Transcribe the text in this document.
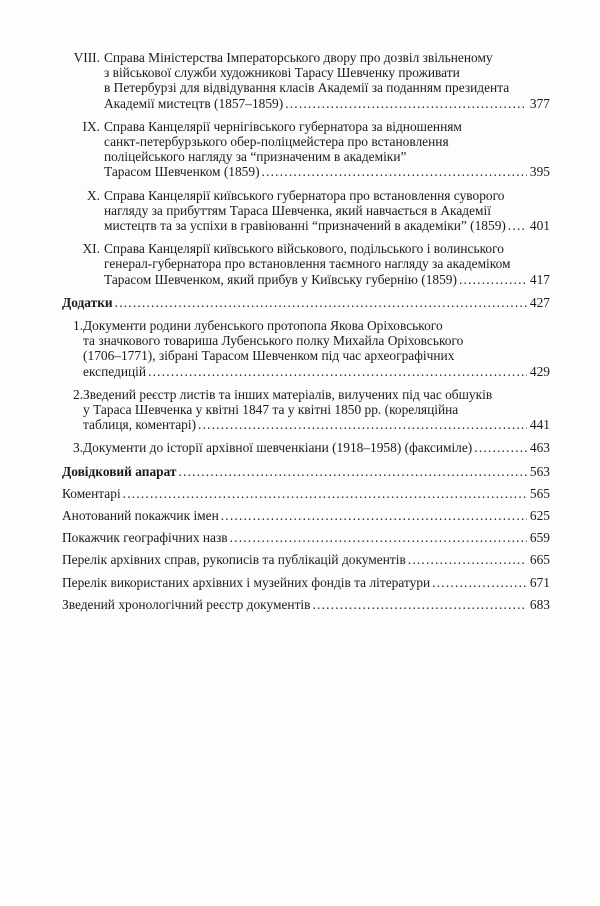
VIII. Справа Міністерства Імператорського двору про дозвіл звільненому
з військової служби художникові Тарасу Шевченку проживати
в Петербурзі для відвідування класів Академії за поданням президента
Академії мистецтв (1857–1859) .....	377
IX. Справа Канцелярії чернігівського губернатора за відношенням
санкт-петербурзького обер-поліцмейстера про встановлення
поліцейського нагляду за “призначеним в академіки”
Тарасом Шевченком (1859) .....	395
X. Справа Канцелярії київського губернатора про встановлення суворого
нагляду за прибуттям Тараса Шевченка, який навчається в Академії
мистецтв та за успіхи в гравіюванні “призначений в академіки” (1859) ..... 401
XI. Справа Канцелярії київського військового, подільського і волинського
генерал-губернатора про встановлення таємного нагляду за академіком
Тарасом Шевченком, який прибув у Київську губернію (1859) .....	417
Додатки .....	427
1. Документи родини лубенського протопопа Якова Оріховського
та значкового товариша Лубенського полку Михайла Оріховського
(1706–1771), зібрані Тарасом Шевченком під час археографічних
експедицій .....	429
2. Зведений реєстр листів та інших матеріалів, вилучених під час обшуків
у Тараса Шевченка у квітні 1847 та у квітні 1850 рр. (кореляційна
таблиця, коментарі) .....	441
3. Документи до історії архівної шевченкіани (1918–1958) (факсиміле) .....	463
Довідковий апарат .....	563
Коментарі .....	565
Анотований покажчик імен .....	625
Покажчик географічних назв .....	659
Перелік архівних справ, рукописів та публікацій документів .....	665
Перелік використаних архівних і музейних фондів та літератури .....	671
Зведений хронологічний реєстр документів .....	683
